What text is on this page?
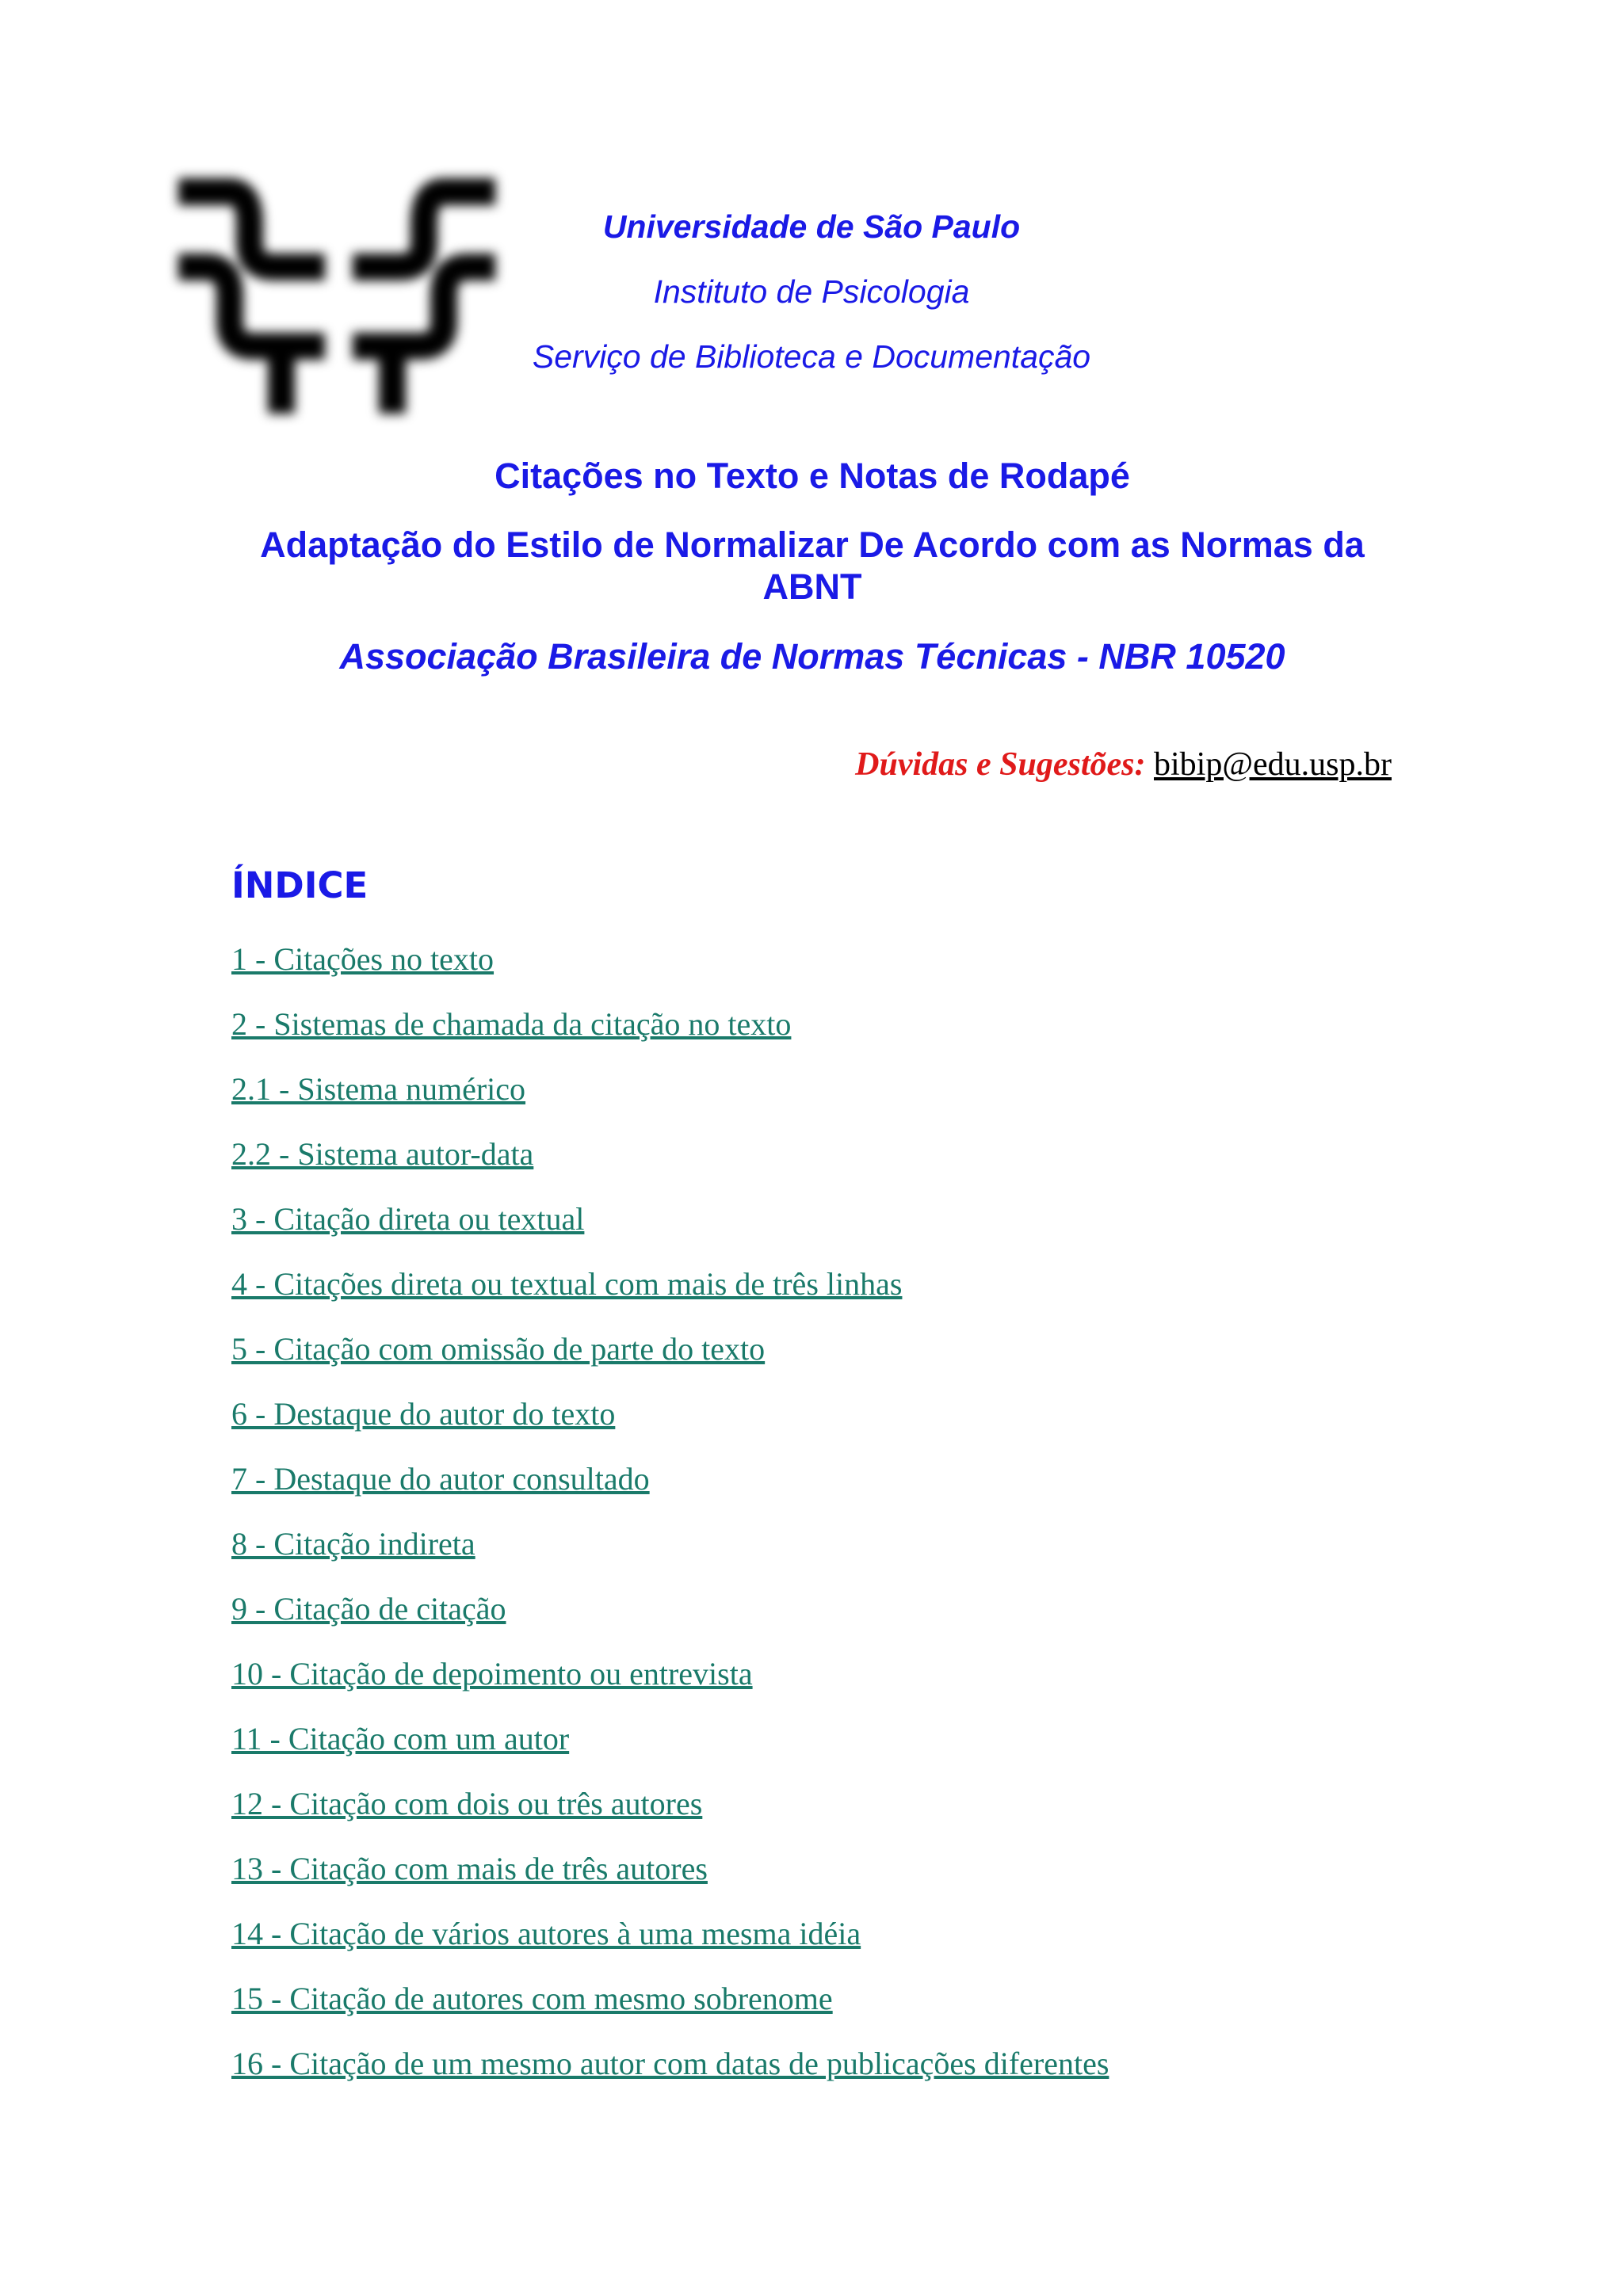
Universidade de São Paulo

Instituto de Psicologia

Serviço de Biblioteca e Documentação

Citações no Texto e Notas de Rodapé
Adaptação do Estilo de Normalizar De Acordo com as Normas da ABNT
Associação Brasileira de Normas Técnicas - NBR 10520
Dúvidas e Sugestões: bibip@edu.usp.br
ÍNDICE
1 - Citações no texto
2 - Sistemas de chamada da citação no texto
2.1 - Sistema numérico
2.2 - Sistema autor-data
3 - Citação direta ou textual
4 - Citações direta ou textual com mais de três linhas
5 - Citação com omissão de parte do texto
6 - Destaque do autor do texto
7 - Destaque do autor consultado
8 - Citação indireta
9 - Citação de citação
10 - Citação de depoimento ou entrevista
11 - Citação com um autor
12 - Citação com dois ou três autores
13 - Citação com mais de três autores
14 - Citação de vários autores à uma mesma idéia
15 - Citação de autores com mesmo sobrenome
16 - Citação de um mesmo autor com datas de publicações diferentes
